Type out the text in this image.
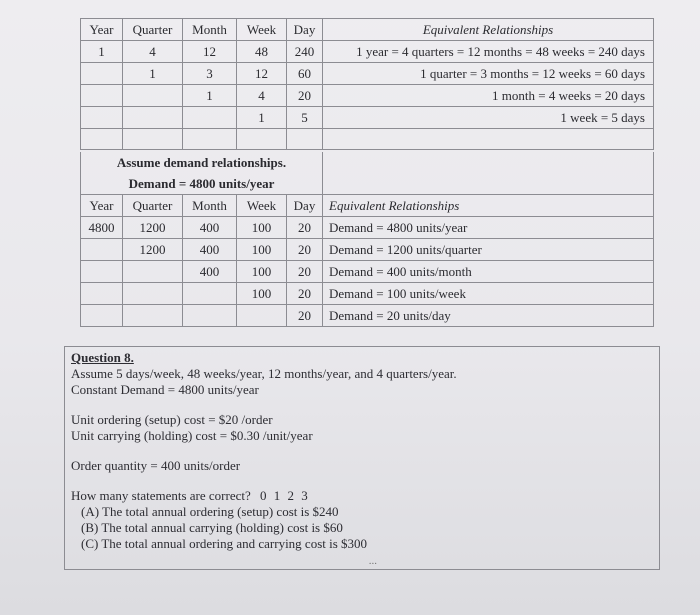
Year	Quarter	Month	Week	Day	Equivalent Relationships
1	4	12	48	240	1 year = 4 quarters = 12 months = 48 weeks = 240 days
	1	3	12	60	1 quarter = 3 months = 12 weeks = 60 days
		1	4	20	1 month = 4 weeks = 20 days
			1	5	1 week = 5 days

Assume demand relationships.					
Demand = 4800 units/year					
Year	Quarter	Month	Week	Day	Equivalent Relationships
4800	1200	400	100	20	Demand = 4800 units/year
	1200	400	100	20	Demand = 1200 units/quarter
		400	100	20	Demand = 400 units/month
			100	20	Demand = 100 units/week
				20	Demand = 20 units/day
Question 8.
Assume 5 days/week, 48 weeks/year, 12 months/year, and 4 quarters/year.
Constant Demand = 4800 units/year
Unit ordering (setup) cost = $20 /order
Unit carrying (holding) cost = $0.30 /unit/year
Order quantity = 400 units/order
How many statements are correct? 0 1 2 3
(A) The total annual ordering (setup) cost is $240
(B) The total annual carrying (holding) cost is $60
(C) The total annual ordering and carrying cost is $300
...
